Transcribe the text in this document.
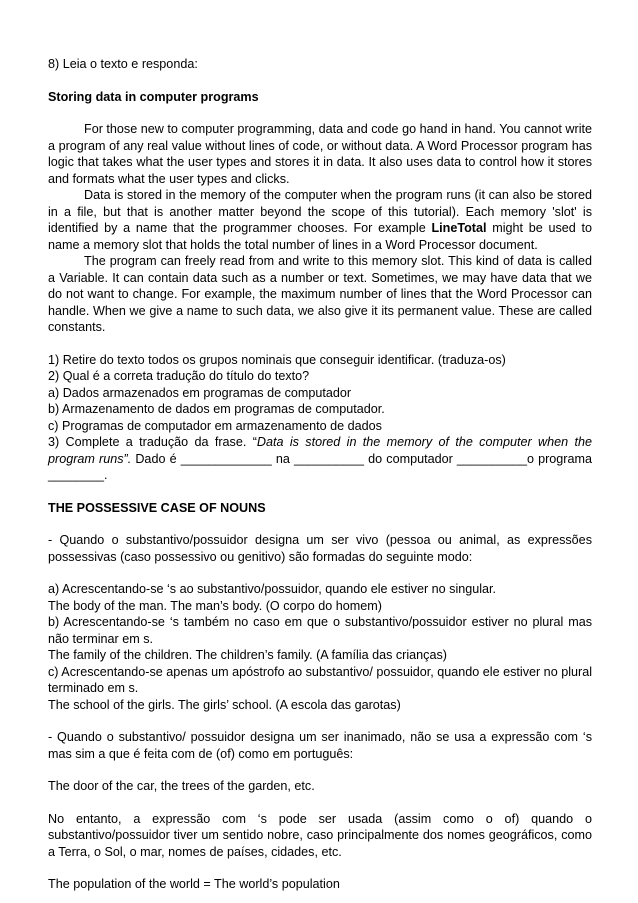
8) Leia o texto e responda:

Storing data in computer programs

For those new to computer programming, data and code go hand in hand. You cannot write a program of any real value without lines of code, or without data. A Word Processor program has logic that takes what the user types and stores it in data. It also uses data to control how it stores and formats what the user types and clicks.

Data is stored in the memory of the computer when the program runs (it can also be stored in a file, but that is another matter beyond the scope of this tutorial). Each memory 'slot' is identified by a name that the programmer chooses. For example LineTotal might be used to name a memory slot that holds the total number of lines in a Word Processor document.

The program can freely read from and write to this memory slot. This kind of data is called a Variable. It can contain data such as a number or text. Sometimes, we may have data that we do not want to change. For example, the maximum number of lines that the Word Processor can handle. When we give a name to such data, we also give it its permanent value. These are called constants.

1) Retire do texto todos os grupos nominais que conseguir identificar. (traduza-os)

2) Qual é a correta tradução do título do texto?

a) Dados armazenados em programas de computador

b) Armazenamento de dados em programas de computador.

c) Programas de computador em armazenamento de dados

3) Complete a tradução da frase. “Data is stored in the memory of the computer when the program runs”. Dado é _____________ na __________ do computador __________o programa ________.

THE POSSESSIVE CASE OF NOUNS

- Quando o substantivo/possuidor designa um ser vivo (pessoa ou animal, as expressões possessivas (caso possessivo ou genitivo) são formadas do seguinte modo:

a) Acrescentando-se ‘s ao substantivo/possuidor, quando ele estiver no singular.

The body of the man. The man’s body. (O corpo do homem)

b) Acrescentando-se ‘s também no caso em que o substantivo/possuidor estiver no plural mas não terminar em s.

The family of the children. The children’s family. (A família das crianças)

c) Acrescentando-se apenas um apóstrofo ao substantivo/ possuidor, quando ele estiver no plural terminado em s.

The school of the girls. The girls’ school. (A escola das garotas)

- Quando o substantivo/ possuidor designa um ser inanimado, não se usa a expressão com ‘s mas sim a que é feita com de (of) como em português:

The door of the car, the trees of the garden, etc.

No entanto, a expressão com ‘s pode ser usada (assim como o of) quando o substantivo/possuidor tiver um sentido nobre, caso principalmente dos nomes geográficos, como a Terra, o Sol, o mar, nomes de países, cidades, etc.

The population of the world = The world’s population
